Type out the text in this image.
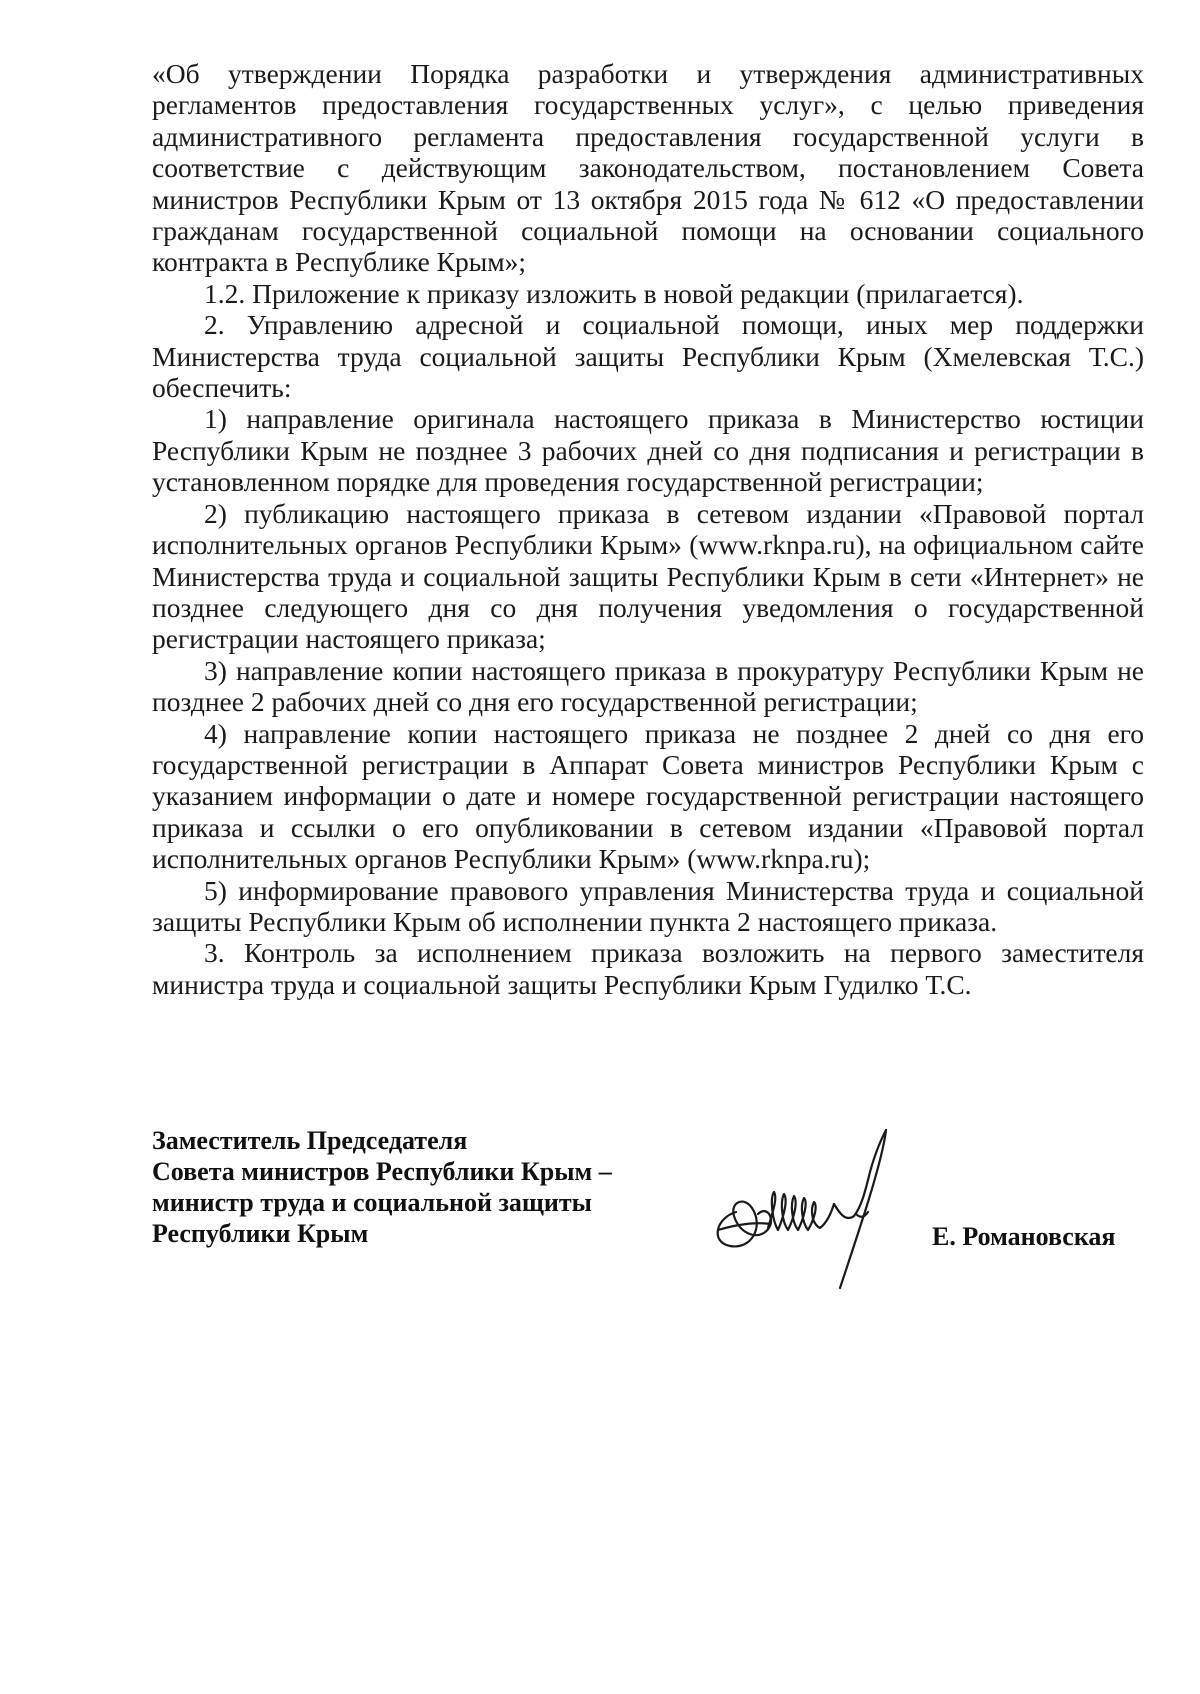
«Об утверждении Порядка разработки и утверждения административных регламентов предоставления государственных услуг», с целью приведения административного регламента предоставления государственной услуги в соответствие с действующим законодательством, постановлением Совета министров Республики Крым от 13 октября 2015 года № 612 «О предоставлении гражданам государственной социальной помощи на основании социального контракта в Республике Крым»;

1.2. Приложение к приказу изложить в новой редакции (прилагается).

2. Управлению адресной и социальной помощи, иных мер поддержки Министерства труда социальной защиты Республики Крым (Хмелевская Т.С.) обеспечить:

1) направление оригинала настоящего приказа в Министерство юстиции Республики Крым не позднее 3 рабочих дней со дня подписания и регистрации в установленном порядке для проведения государственной регистрации;

2) публикацию настоящего приказа в сетевом издании «Правовой портал исполнительных органов Республики Крым» (www.rknpa.ru), на официальном сайте Министерства труда и социальной защиты Республики Крым в сети «Интернет» не позднее следующего дня со дня получения уведомления о государственной регистрации настоящего приказа;

3) направление копии настоящего приказа в прокуратуру Республики Крым не позднее 2 рабочих дней со дня его государственной регистрации;

4) направление копии настоящего приказа не позднее 2 дней со дня его государственной регистрации в Аппарат Совета министров Республики Крым с указанием информации о дате и номере государственной регистрации настоящего приказа и ссылки о его опубликовании в сетевом издании «Правовой портал исполнительных органов Республики Крым» (www.rknpa.ru);

5) информирование правового управления Министерства труда и социальной защиты Республики Крым об исполнении пункта 2 настоящего приказа.

3. Контроль за исполнением приказа возложить на первого заместителя министра труда и социальной защиты Республики Крым Гудилко Т.С.

Заместитель Председателя
Совета министров Республики Крым –
министр труда и социальной защиты
Республики Крым	Е. Романовская
